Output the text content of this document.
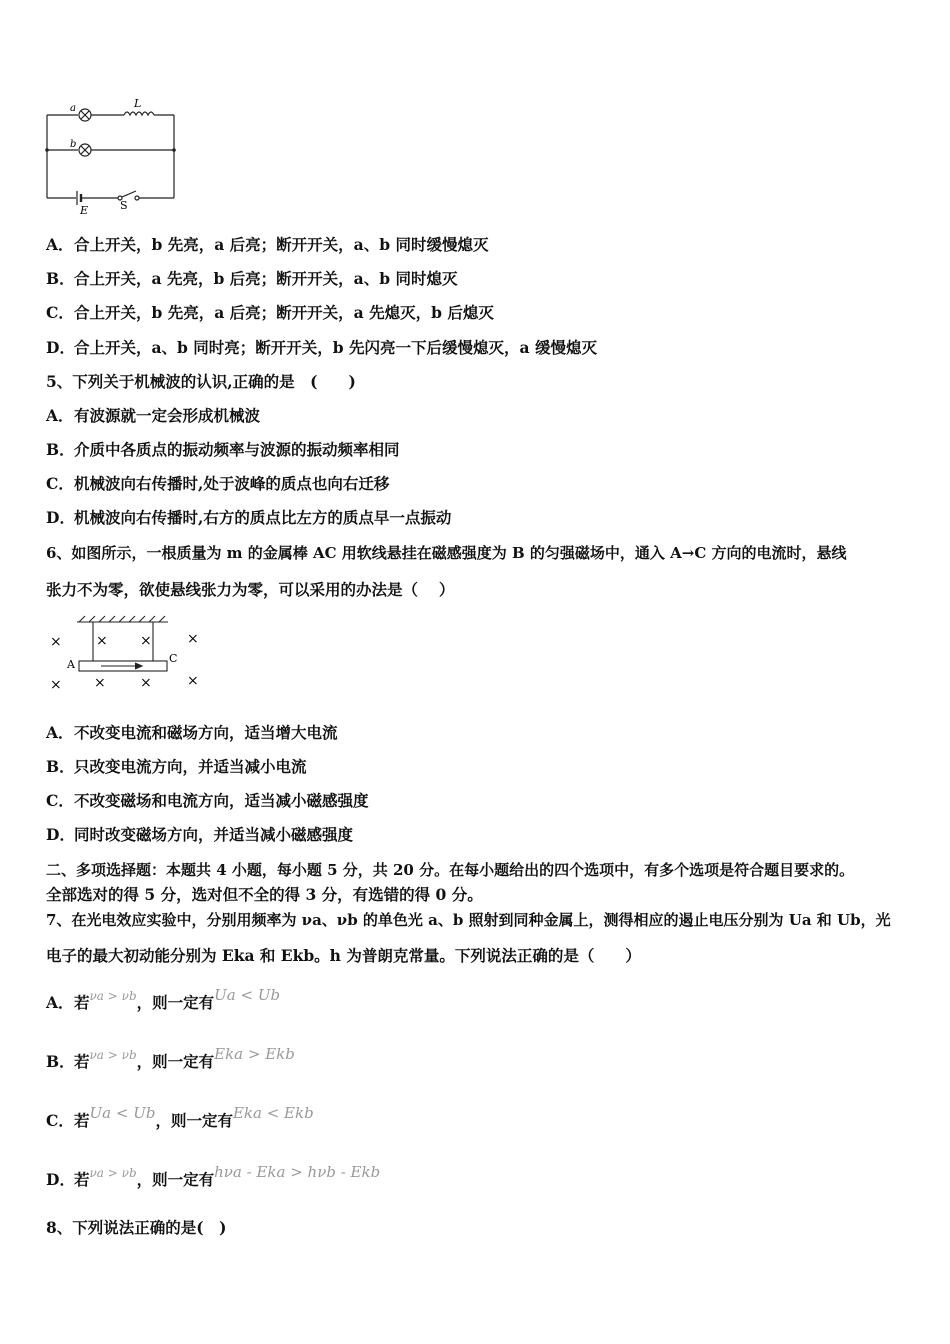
a
b
L
E	S
A．合上开关，b 先亮，a 后亮；断开开关，a、b 同时缓慢熄灭
B．合上开关，a 先亮，b 后亮；断开开关，a、b 同时熄灭
C．合上开关，b 先亮，a 后亮；断开开关，a 先熄灭，b 后熄灭
D．合上开关，a、b 同时亮；断开开关，b 先闪亮一下后缓慢熄灭，a 缓慢熄灭
5、下列关于机械波的认识,正确的是　(　　)
A．有波源就一定会形成机械波
B．介质中各质点的振动频率与波源的振动频率相同
C．机械波向右传播时,处于波峰的质点也向右迁移
D．机械波向右传播时,右方的质点比左方的质点早一点振动
6、如图所示，一根质量为 m 的金属棒 AC 用软线悬挂在磁感强度为 B 的匀强磁场中，通入 A→C 方向的电流时，悬线
张力不为零，欲使悬线张力为零，可以采用的办法是（　 ）
× × ×	×
× × ×	×
A	C
A．不改变电流和磁场方向，适当增大电流
B．只改变电流方向，并适当减小电流
C．不改变磁场和电流方向，适当减小磁感强度
D．同时改变磁场方向，并适当减小磁感强度
二、多项选择题：本题共 4 小题，每小题 5 分，共 20 分。在每小题给出的四个选项中，有多个选项是符合题目要求的。
全部选对的得 5 分，选对但不全的得 3 分，有选错的得 0 分。
7、在光电效应实验中，分别用频率为 νa、νb 的单色光 a、b 照射到同种金属上，测得相应的遏止电压分别为 Ua 和 Ub，光
电子的最大初动能分别为 Eka 和 Ekb。h 为普朗克常量。下列说法正确的是（　　）
A．若$^{\nu a > \nu b}$，则一定有Ua < Ub
B．若$^{\nu a > \nu b}$，则一定有Eka > Ekb
C．若Ua < Ub，则一定有Eka < Ekb
D．若$^{\nu a > \nu b}$，则一定有hνa - Eka > hνb - Ekb
8、下列说法正确的是(　)
